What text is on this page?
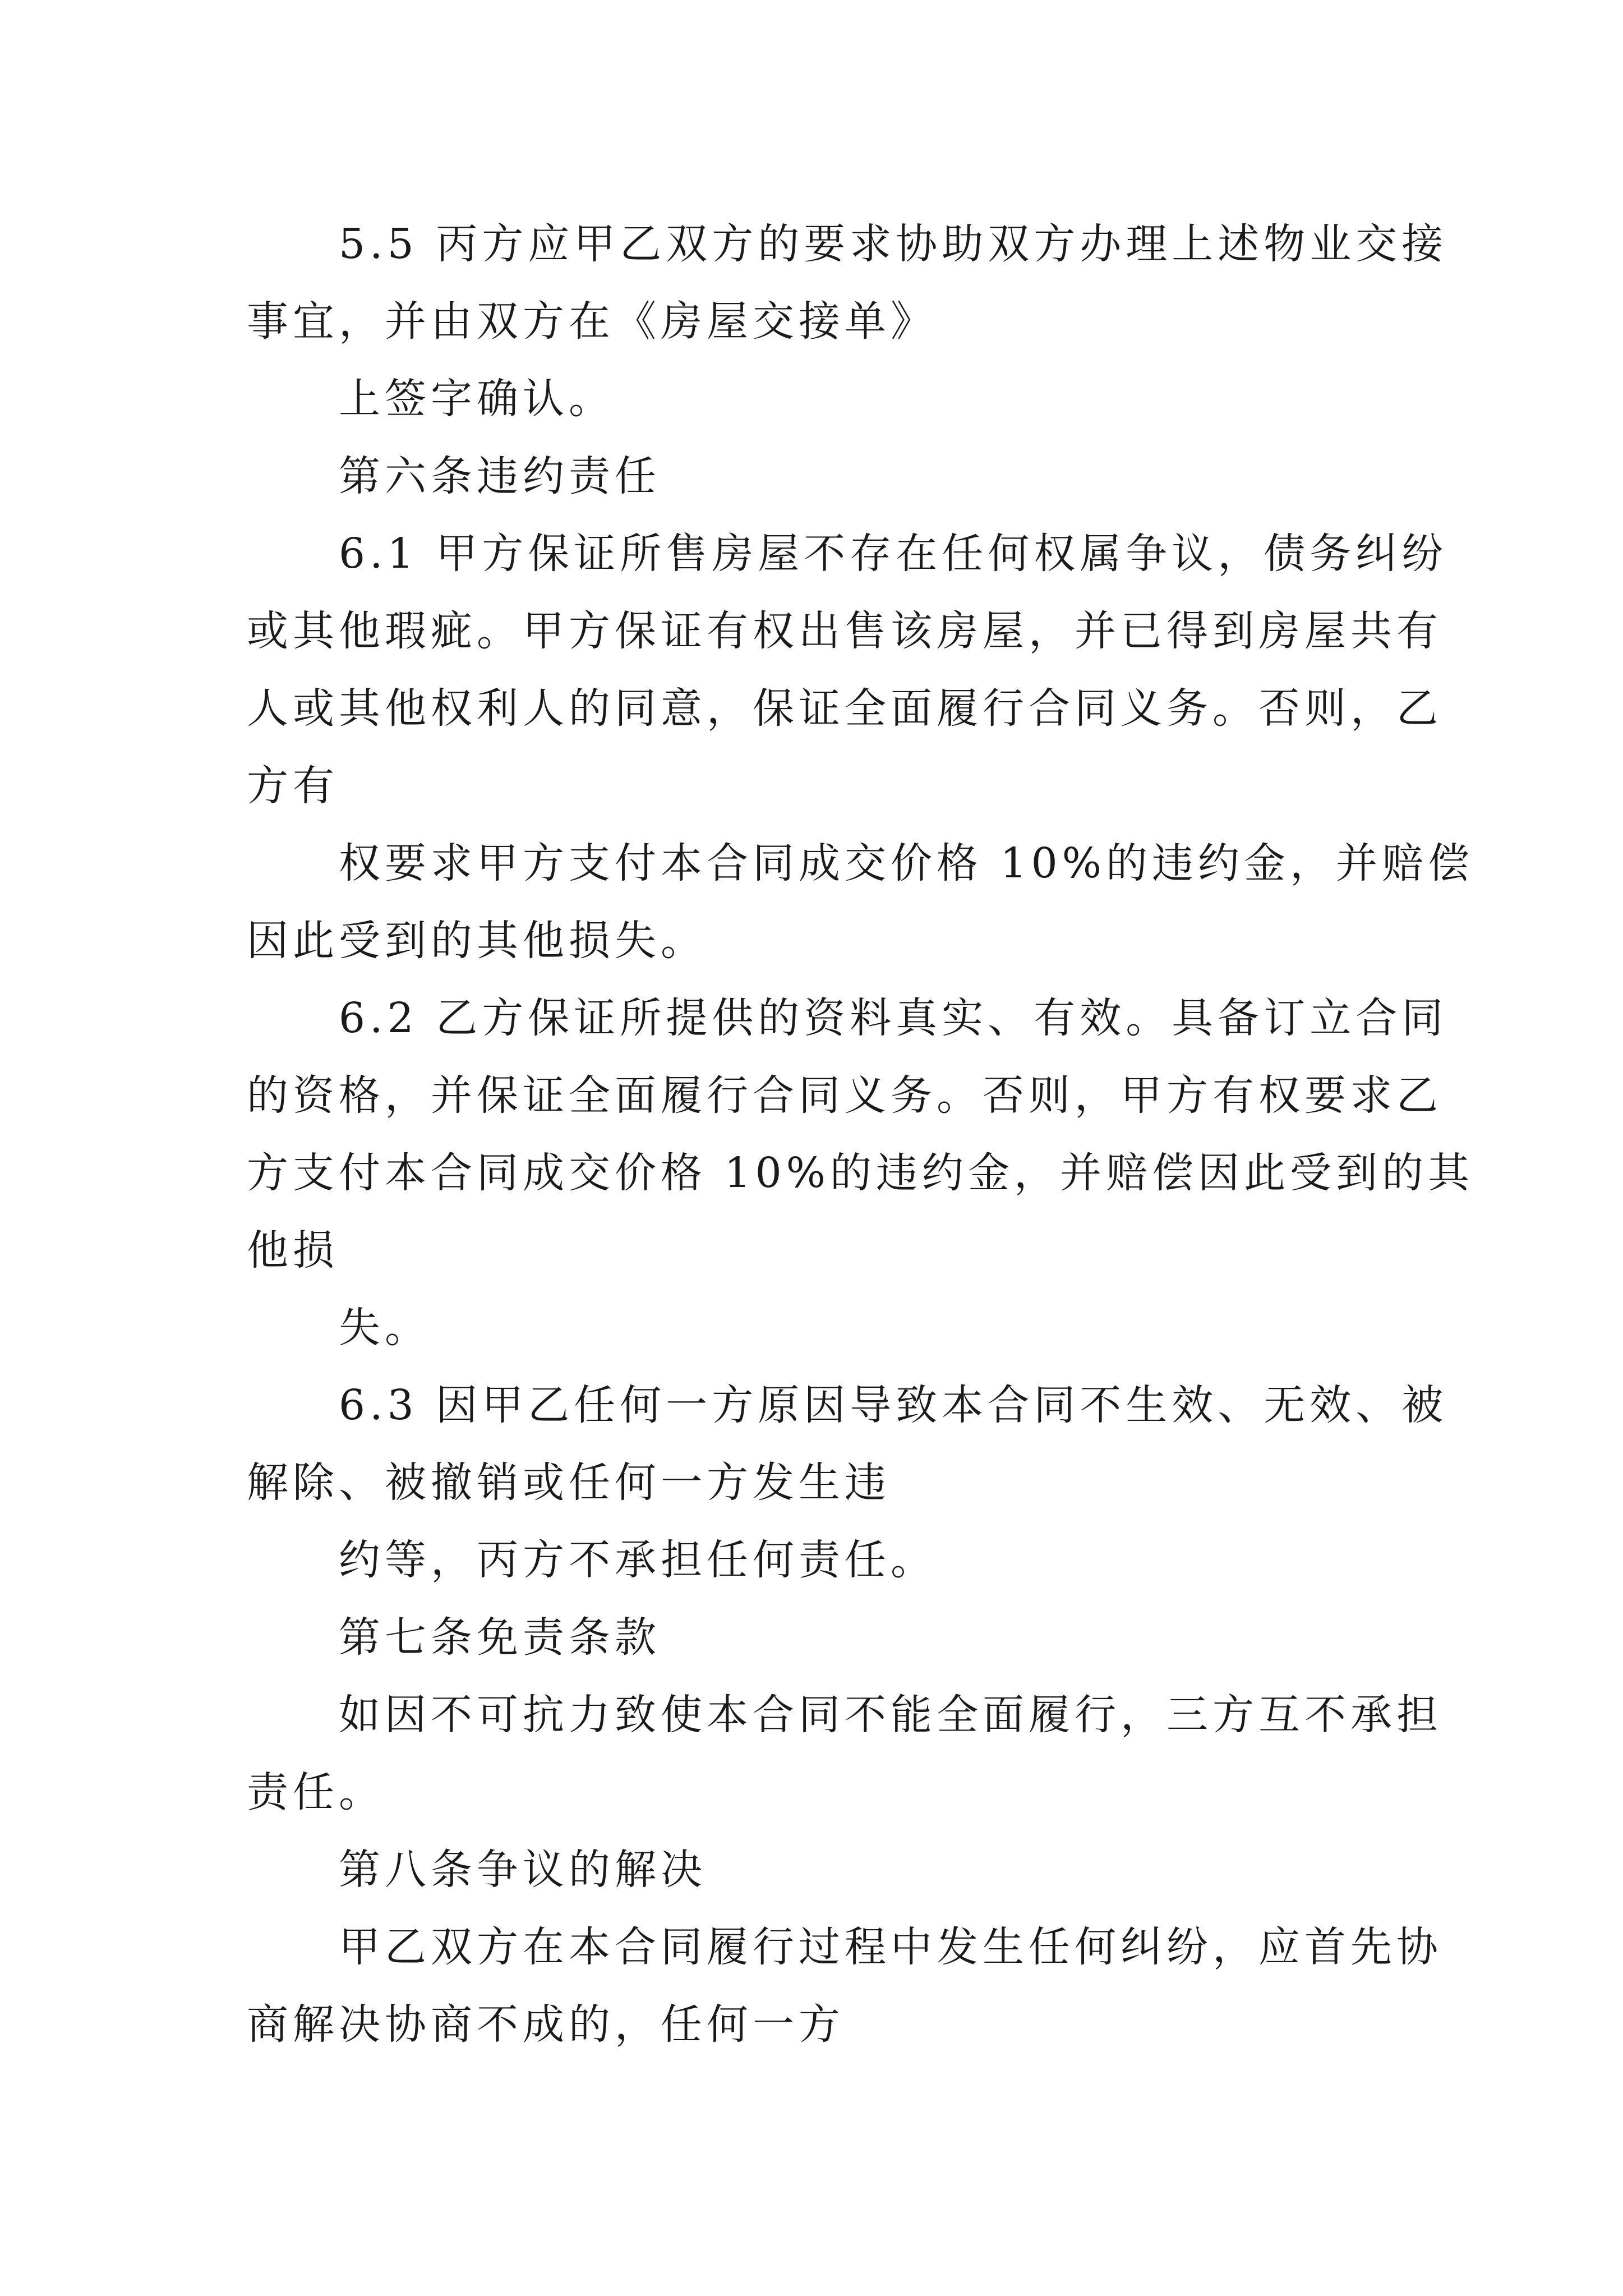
5.5 丙方应甲乙双方的要求协助双方办理上述物业交接
事宜，并由双方在《房屋交接单》
上签字确认。
第六条违约责任
6.1 甲方保证所售房屋不存在任何权属争议，债务纠纷
或其他瑕疵。甲方保证有权出售该房屋，并已得到房屋共有
人或其他权利人的同意，保证全面履行合同义务。否则，乙
方有
权要求甲方支付本合同成交价格 10%的违约金，并赔偿
因此受到的其他损失。
6.2 乙方保证所提供的资料真实、有效。具备订立合同
的资格，并保证全面履行合同义务。否则，甲方有权要求乙
方支付本合同成交价格 10%的违约金，并赔偿因此受到的其
他损
失。
6.3 因甲乙任何一方原因导致本合同不生效、无效、被
解除、被撤销或任何一方发生违
约等，丙方不承担任何责任。
第七条免责条款
如因不可抗力致使本合同不能全面履行，三方互不承担
责任。
第八条争议的解决
甲乙双方在本合同履行过程中发生任何纠纷，应首先协
商解决协商不成的，任何一方
